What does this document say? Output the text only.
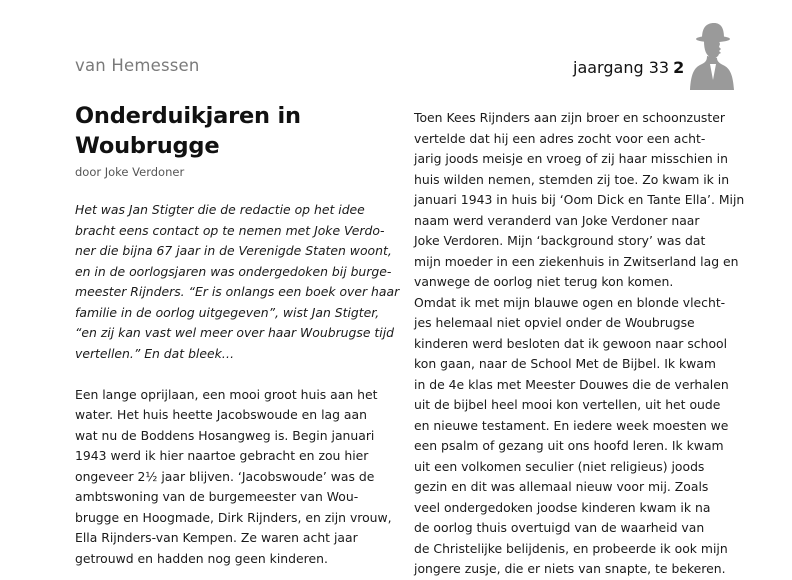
van Hemessen	jaargang 33 2
Onderduikjaren in
Woubrugge
door Joke Verdoner
Het was Jan Stigter die de redactie op het idee
bracht eens contact op te nemen met Joke Verdo-
ner die bijna 67 jaar in de Verenigde Staten woont,
en in de oorlogsjaren was ondergedoken bij burge-
meester Rijnders. “Er is onlangs een boek over haar
familie in de oorlog uitgegeven”, wist Jan Stigter,
“en zij kan vast wel meer over haar Woubrugse tijd
vertellen.” En dat bleek…
Een lange oprijlaan, een mooi groot huis aan het
water. Het huis heette Jacobswoude en lag aan
wat nu de Boddens Hosangweg is. Begin januari
1943 werd ik hier naartoe gebracht en zou hier
ongeveer 2½ jaar blijven. ‘Jacobswoude’ was de
ambtswoning van de burgemeester van Wou-
brugge en Hoogmade, Dirk Rijnders, en zijn vrouw,
Ella Rijnders-van Kempen. Ze waren acht jaar
getrouwd en hadden nog geen kinderen.
Toen Kees Rijnders aan zijn broer en schoonzuster
vertelde dat hij een adres zocht voor een acht-
jarig joods meisje en vroeg of zij haar misschien in
huis wilden nemen, stemden zij toe. Zo kwam ik in
januari 1943 in huis bij ‘Oom Dick en Tante Ella’. Mijn
naam werd veranderd van Joke Verdoner naar
Joke Verdoren. Mijn ‘background story’ was dat
mijn moeder in een ziekenhuis in Zwitserland lag en
vanwege de oorlog niet terug kon komen.
Omdat ik met mijn blauwe ogen en blonde vlecht-
jes helemaal niet opviel onder de Woubrugse
kinderen werd besloten dat ik gewoon naar school
kon gaan, naar de School Met de Bijbel. Ik kwam
in de 4e klas met Meester Douwes die de verhalen
uit de bijbel heel mooi kon vertellen, uit het oude
en nieuwe testament. En iedere week moesten we
een psalm of gezang uit ons hoofd leren. Ik kwam
uit een volkomen seculier (niet religieus) joods
gezin en dit was allemaal nieuw voor mij. Zoals
veel ondergedoken joodse kinderen kwam ik na
de oorlog thuis overtuigd van de waarheid van
de Christelijke belijdenis, en probeerde ik ook mijn
jongere zusje, die er niets van snapte, te bekeren.
